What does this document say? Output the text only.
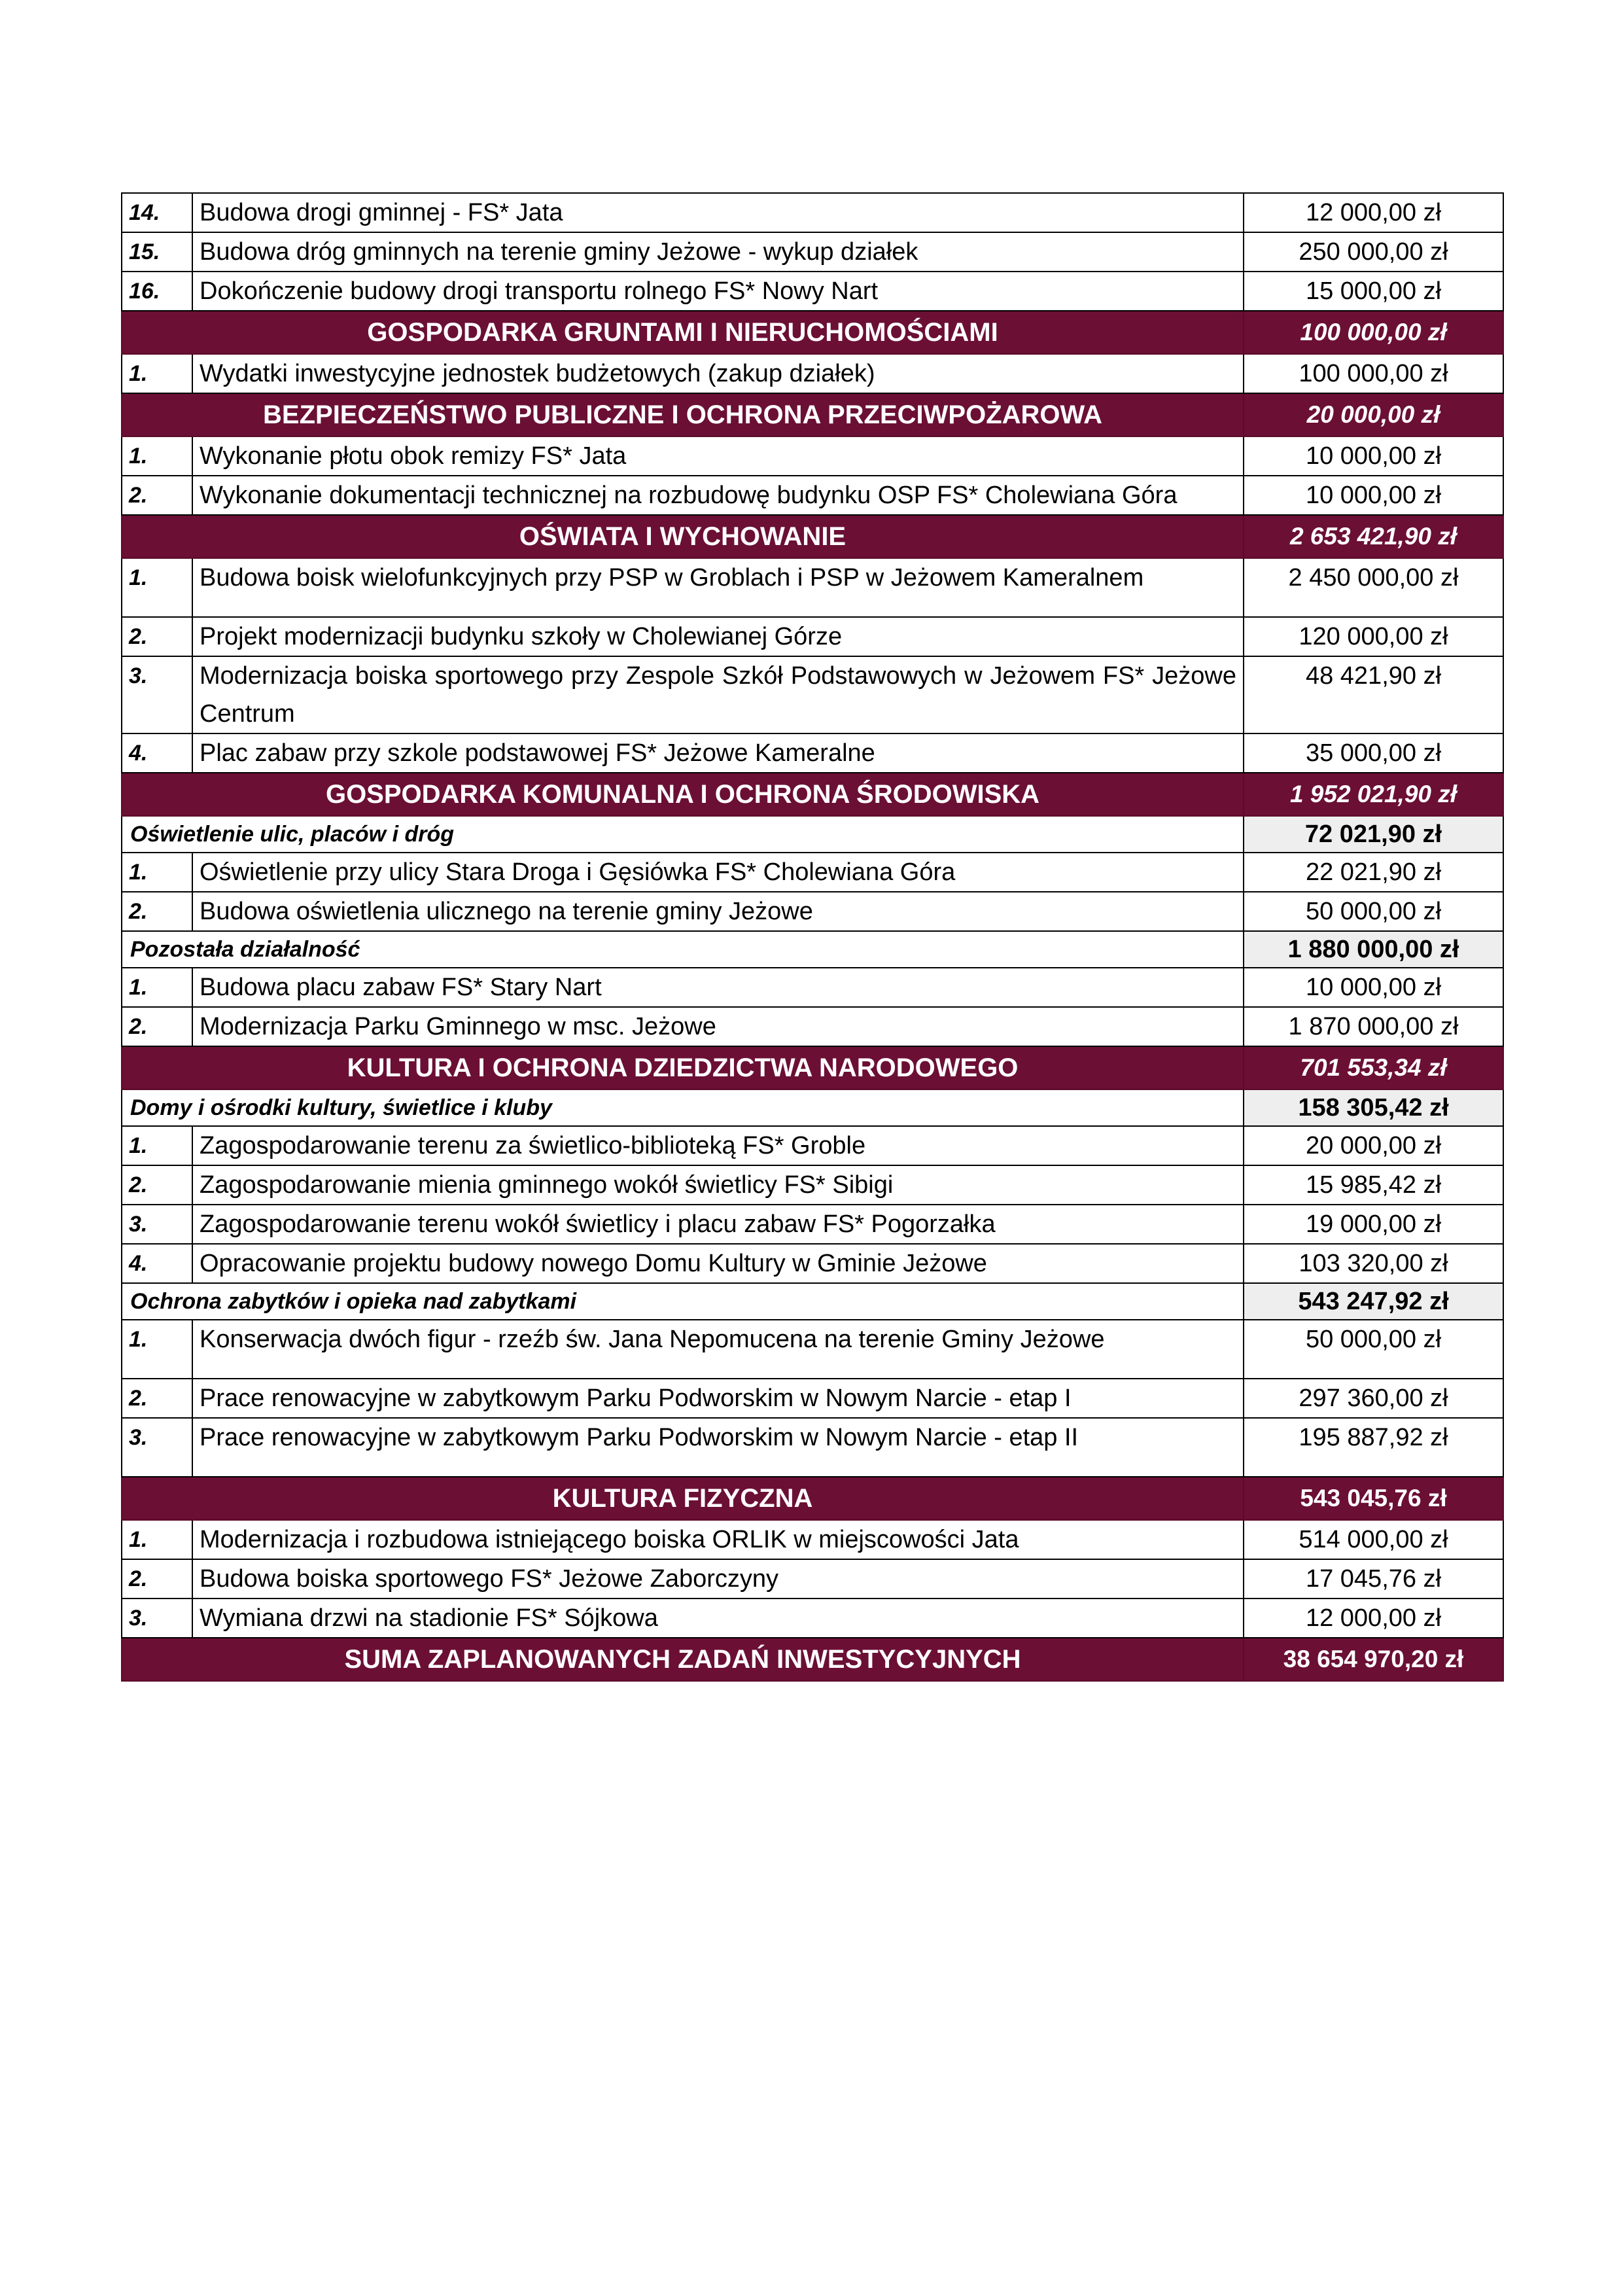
14.	Budowa drogi gminnej - FS* Jata	12 000,00 zł
15.	Budowa dróg gminnych na terenie gminy Jeżowe - wykup działek	250 000,00 zł
16.	Dokończenie budowy drogi transportu rolnego FS* Nowy Nart	15 000,00 zł
GOSPODARKA GRUNTAMI I NIERUCHOMOŚCIAMI		100 000,00 zł
1.	Wydatki inwestycyjne jednostek budżetowych (zakup działek)	100 000,00 zł
BEZPIECZEŃSTWO PUBLICZNE I OCHRONA PRZECIWPOŻAROWA		20 000,00 zł
1.	Wykonanie płotu obok remizy FS* Jata	10 000,00 zł
2.	Wykonanie dokumentacji technicznej na rozbudowę budynku OSP FS* Cholewiana Góra	10 000,00 zł
OŚWIATA I WYCHOWANIE		2 653 421,90 zł
1.	Budowa boisk wielofunkcyjnych przy PSP w Groblach i PSP w Jeżowem Kameralnem	2 450 000,00 zł
2.	Projekt modernizacji budynku szkoły w Cholewianej Górze	120 000,00 zł
3.	Modernizacja boiska sportowego przy Zespole Szkół Podstawowych w Jeżowem FS* Jeżowe Centrum	48 421,90 zł
4.	Plac zabaw przy szkole podstawowej FS* Jeżowe Kameralne	35 000,00 zł
GOSPODARKA KOMUNALNA I OCHRONA ŚRODOWISKA		1 952 021,90 zł
Oświetlenie ulic, placów i dróg		72 021,90 zł
1.	Oświetlenie przy ulicy Stara Droga i Gęsiówka FS* Cholewiana Góra	22 021,90 zł
2.	Budowa oświetlenia ulicznego na terenie gminy Jeżowe	50 000,00 zł
Pozostała działalność		1 880 000,00 zł
1.	Budowa placu zabaw FS* Stary Nart	10 000,00 zł
2.	Modernizacja Parku Gminnego w msc. Jeżowe	1 870 000,00 zł
KULTURA I OCHRONA DZIEDZICTWA NARODOWEGO		701 553,34 zł
Domy i ośrodki kultury, świetlice i kluby		158 305,42 zł
1.	Zagospodarowanie terenu za świetlico-biblioteką FS* Groble	20 000,00 zł
2.	Zagospodarowanie mienia gminnego wokół świetlicy FS* Sibigi	15 985,42 zł
3.	Zagospodarowanie terenu wokół świetlicy i placu zabaw FS* Pogorzałka	19 000,00 zł
4.	Opracowanie projektu budowy nowego Domu Kultury w Gminie Jeżowe	103 320,00 zł
Ochrona zabytków i opieka nad zabytkami		543 247,92 zł
1.	Konserwacja dwóch figur - rzeźb św. Jana Nepomucena na terenie Gminy Jeżowe	50 000,00 zł
2.	Prace renowacyjne w zabytkowym Parku Podworskim w Nowym Narcie - etap I	297 360,00 zł
3.	Prace renowacyjne w zabytkowym Parku Podworskim w Nowym Narcie - etap II	195 887,92 zł
KULTURA FIZYCZNA		543 045,76 zł
1.	Modernizacja i rozbudowa istniejącego boiska ORLIK w miejscowości Jata	514 000,00 zł
2.	Budowa boiska sportowego FS* Jeżowe Zaborczyny	17 045,76 zł
3.	Wymiana drzwi na stadionie FS* Sójkowa	12 000,00 zł
SUMA ZAPLANOWANYCH ZADAŃ INWESTYCYJNYCH		38 654 970,20 zł
